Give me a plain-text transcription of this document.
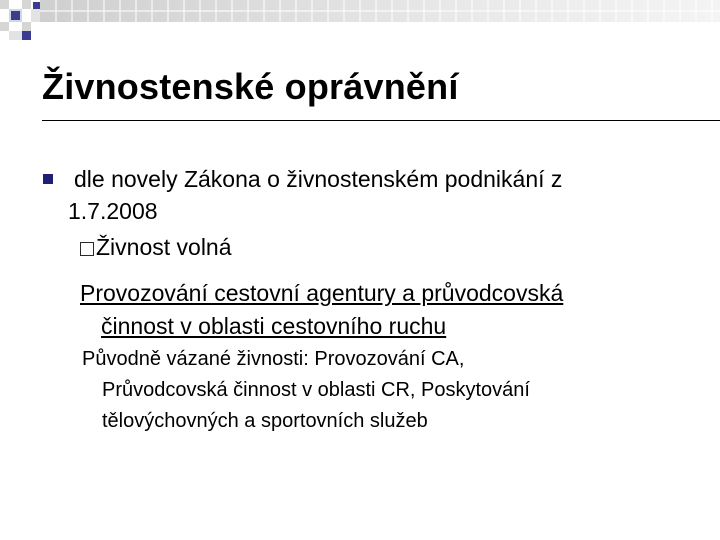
Živnostenské oprávnění
dle novely Zákona o živnostenském podnikání z
1.7.2008
Živnost volná
Provozování cestovní agentury a průvodcovská
činnost v oblasti cestovního ruchu
Původně vázané živnosti: Provozování CA,
Průvodcovská činnost v oblasti CR, Poskytování
tělovýchovných a sportovních služeb
